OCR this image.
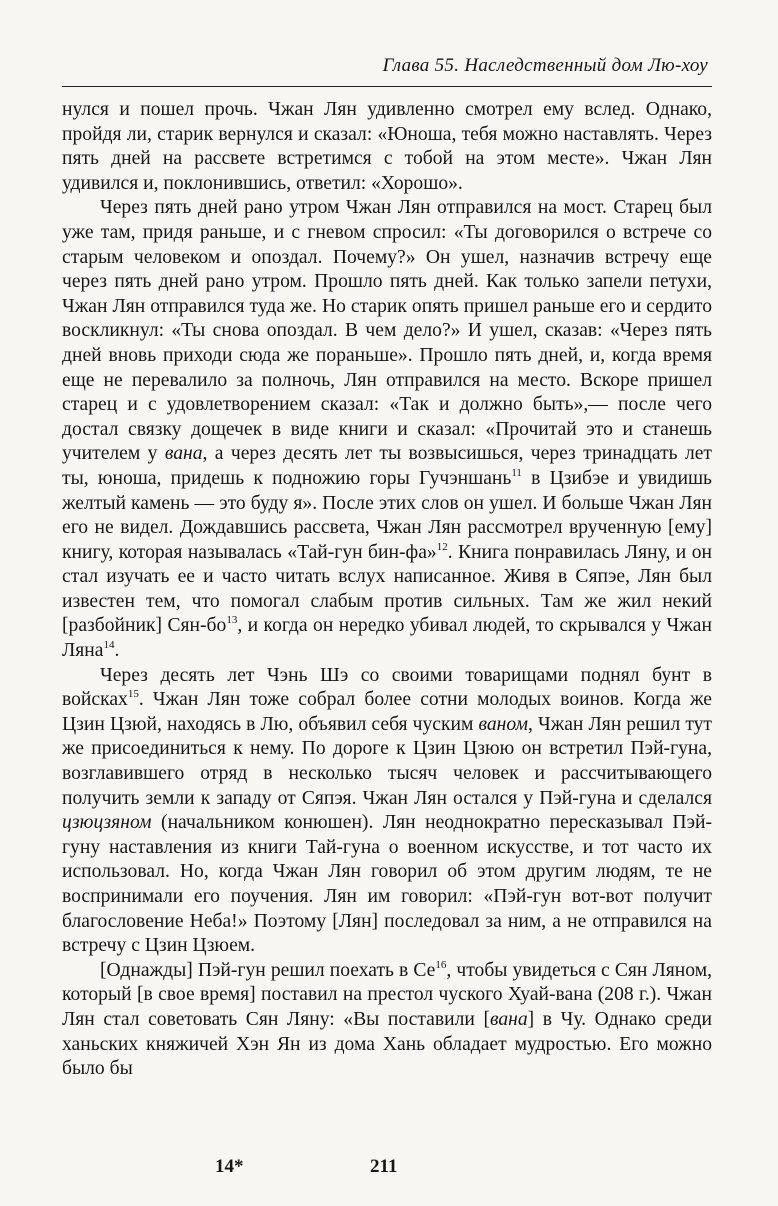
Глава 55. Наследственный дом Лю-хоу

нулся и пошел прочь. Чжан Лян удивленно смотрел ему вслед. Однако, пройдя ли, старик вернулся и сказал: «Юноша, тебя можно наставлять. Через пять дней на рассвете встретимся с тобой на этом месте». Чжан Лян удивился и, поклонившись, ответил: «Хорошо».

Через пять дней рано утром Чжан Лян отправился на мост. Старец был уже там, придя раньше, и с гневом спросил: «Ты договорился о встрече со старым человеком и опоздал. Почему?» Он ушел, назначив встречу еще через пять дней рано утром. Прошло пять дней. Как только запели петухи, Чжан Лян отправился туда же. Но старик опять пришел раньше его и сердито воскликнул: «Ты снова опоздал. В чем дело?» И ушел, сказав: «Через пять дней вновь приходи сюда же пораньше». Прошло пять дней, и, когда время еще не перевалило за полночь, Лян отправился на место. Вскоре пришел старец и с удовлетворением сказал: «Так и должно быть»,— после чего достал связку дощечек в виде книги и сказал: «Прочитай это и станешь учителем у вана, а через десять лет ты возвысишься, через тринадцать лет ты, юноша, придешь к подножию горы Гучэншань$^{11}$ в Цзибэе и увидишь желтый камень — это буду я». После этих слов он ушел. И больше Чжан Лян его не видел. Дождавшись рассвета, Чжан Лян рассмотрел врученную [ему] книгу, которая называлась «Тай-гун бин-фа»$^{12}$. Книга понравилась Ляну, и он стал изучать ее и часто читать вслух написанное. Живя в Сяпэе, Лян был известен тем, что помогал слабым против сильных. Там же жил некий [разбойник] Сян-$бо^{13}$, и когда он нередко убивал людей, то скрывался у Чжан Ляна$^{14}$.

Через десять лет Чэнь Шэ со своими товарищами поднял бунт в войсках$^{15}$. Чжан Лян тоже собрал более сотни молодых воинов. Когда же Цзин Цзюй, находясь в Лю, объявил себя чуским ваном, Чжан Лян решил тут же присоединиться к нему. По дороге к Цзин Цзюю он встретил Пэй-гуна, возглавившего отряд в несколько тысяч человек и рассчитывающего получить земли к западу от Сяпэя. Чжан Лян остался у Пэй-гуна и сделался цзюцзяном (начальником конюшен). Лян неоднократно пересказывал Пэй-гуну наставления из книги Тай-гуна о военном искусстве, и тот часто их использовал. Но, когда Чжан Лян говорил об этом другим людям, те не воспринимали его поучения. Лян им говорил: «Пэй-гун вот-вот получит благословение Неба!» Поэтому [Лян] последовал за ним, а не отправился на встречу с Цзин Цзюем.

[Однажды] Пэй-гун решил поехать в $Се^{16}$, чтобы увидеться с Сян Ляном, который [в свое время] поставил на престол чуского Хуай-вана (208 г.). Чжан Лян стал советовать Сян Ляну: «Вы поставили [вана] в Чу. Однако среди ханьских княжичей Хэн Ян из дома Хань обладает мудростью. Его можно было бы

14*	211
